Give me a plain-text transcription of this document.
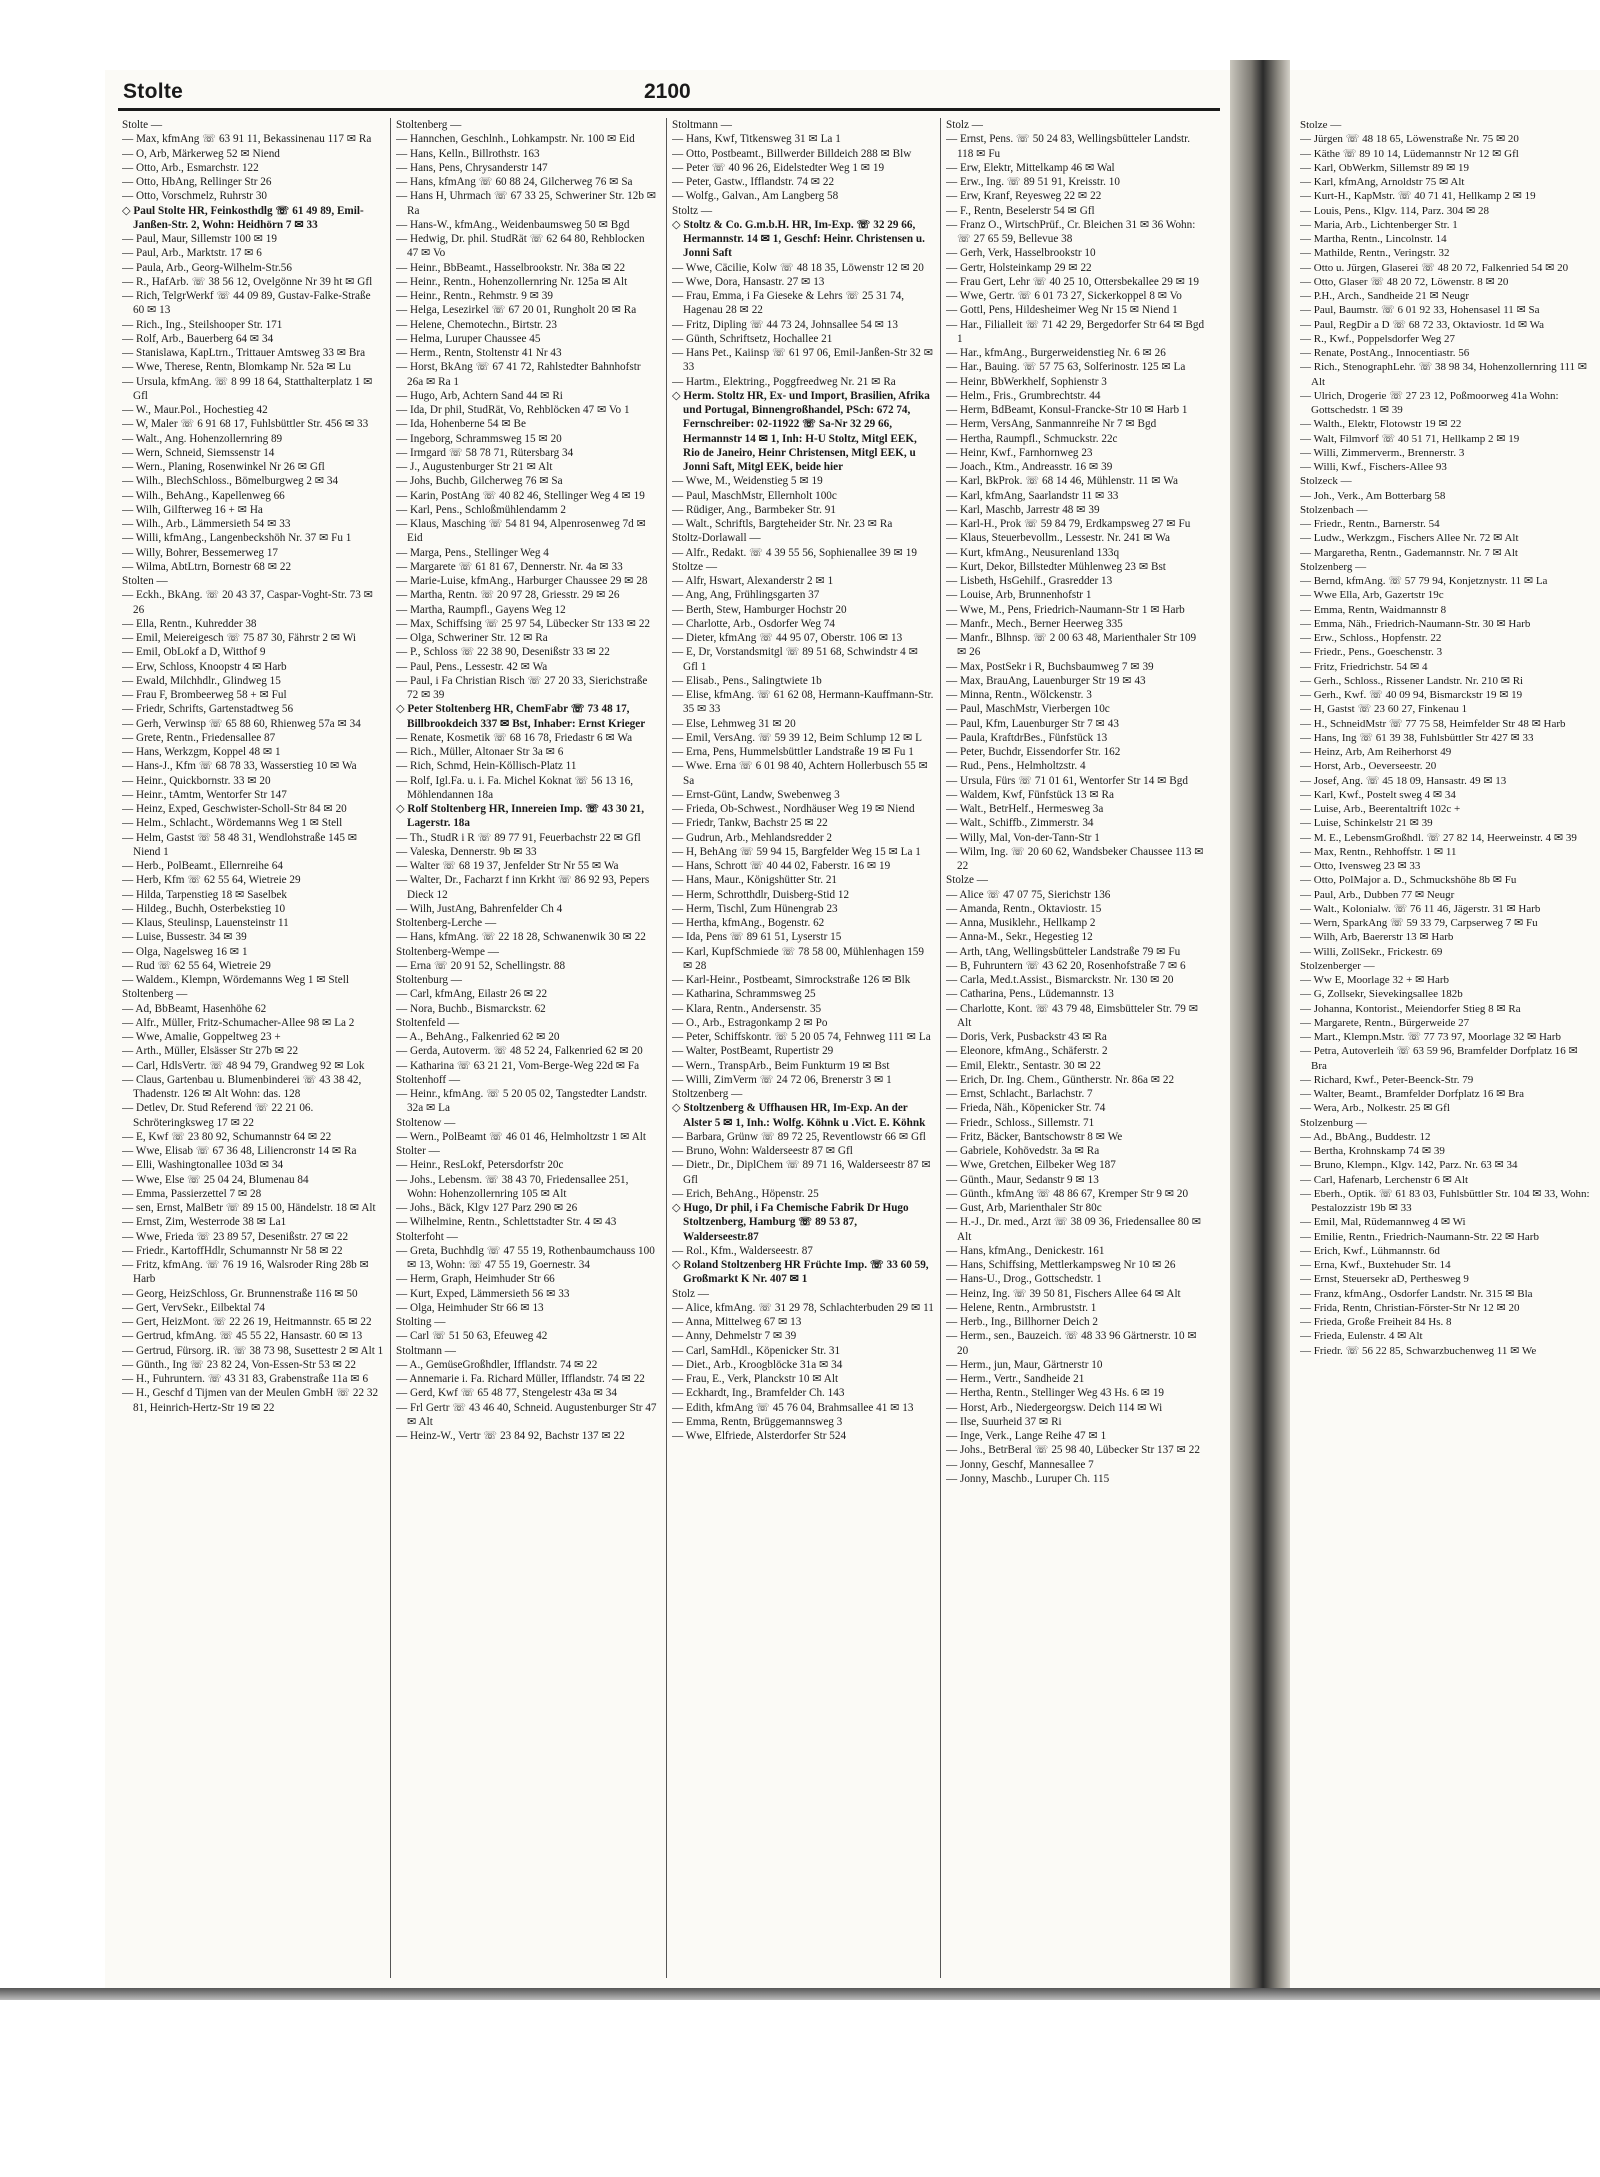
Stolte	2100
Stolte —
— Max, kfmAng ☏ 63 91 11, Bekassinenau 117 ✉ Ra
— O, Arb, Märkerweg 52 ✉ Niend
— Otto, Arb., Esmarchstr. 122
— Otto, HbAng, Rellinger Str 26
— Otto, Vorschmelz, Ruhrstr 30
◇ Paul Stolte HR, Feinkosthdlg ☏ 61 49 89, Emil-Janßen-Str. 2, Wohn: Heidhörn 7 ✉ 33
— Paul, Maur, Sillemstr 100 ✉ 19
— Paul, Arb., Marktstr. 17 ✉ 6
— Paula, Arb., Georg-Wilhelm-Str.56
— R., HafArb. ☏ 38 56 12, Ovelgönne Nr 39 ht ✉ Gfl
— Rich, TelgrWerkf ☏ 44 09 89, Gustav-Falke-Straße 60 ✉ 13
— Rich., Ing., Steilshooper Str. 171
— Rolf, Arb., Bauerberg 64 ✉ 34
— Stanislawa, KapLtrn., Trittauer Amtsweg 33 ✉ Bra
— Wwe, Therese, Rentn, Blomkamp Nr. 52a ✉ Lu
— Ursula, kfmAng. ☏ 8 99 18 64, Statthalterplatz 1 ✉ Gfl
— W., Maur.Pol., Hochestieg 42
— W, Maler ☏ 6 91 68 17, Fuhlsbüttler Str. 456 ✉ 33
— Walt., Ang. Hohenzollernring 89
— Wern, Schneid, Siemssenstr 14
— Wern., Planing, Rosenwinkel Nr 26 ✉ Gfl
— Wilh., BlechSchloss., Bömelburgweg 2 ✉ 34
— Wilh., BehAng., Kapellenweg 66
— Wilh, Gilfterweg 16 + ✉ Ha
— Wilh., Arb., Lämmersieth 54 ✉ 33
— Willi, kfmAng., Langenbeckshöh Nr. 37 ✉ Fu 1
— Willy, Bohrer, Bessemerweg 17
— Wilma, AbtLtrn, Bornestr 68 ✉ 22
Stolten —
— Eckh., BkAng. ☏ 20 43 37, Caspar-Voght-Str. 73 ✉ 26
— Ella, Rentn., Kuhredder 38
— Emil, Meiereigesch ☏ 75 87 30, Fährstr 2 ✉ Wi
— Emil, ObLokf a D, Witthof 9
— Erw, Schloss, Knoopstr 4 ✉ Harb
— Ewald, Milchhdlr., Glindweg 15
— Frau F, Brombeerweg 58 + ✉ Ful
— Friedr, Schrifts, Gartenstadtweg 56
— Gerh, Verwinsp ☏ 65 88 60, Rhienweg 57a ✉ 34
— Grete, Rentn., Friedensallee 87
— Hans, Werkzgm, Koppel 48 ✉ 1
— Hans-J., Kfm ☏ 68 78 33, Wasserstieg 10 ✉ Wa
— Heinr., Quickbornstr. 33 ✉ 20
— Heinr., tAmtm, Wentorfer Str 147
— Heinz, Exped, Geschwister-Scholl-Str 84 ✉ 20
— Helm., Schlacht., Wördemanns Weg 1 ✉ Stell
— Helm, Gastst ☏ 58 48 31, Wendlohstraße 145 ✉ Niend 1
— Herb., PolBeamt., Ellernreihe 64
— Herb, Kfm ☏ 62 55 64, Wietreie 29
— Hilda, Tarpenstieg 18 ✉ Saselbek
— Hildeg., Buchh, Osterbekstieg 10
— Klaus, Steulinsp, Lauensteinstr 11
— Luise, Bussestr. 34 ✉ 39
— Olga, Nagelsweg 16 ✉ 1
— Rud ☏ 62 55 64, Wietreie 29
— Waldem., Klempn, Wördemanns Weg 1 ✉ Stell
Stoltenberg —
— Ad, BbBeamt, Hasenhöhe 62
— Alfr., Müller, Fritz-Schumacher-Allee 98 ✉ La 2
— Wwe, Amalie, Goppeltweg 23 +
— Arth., Müller, Elsässer Str 27b ✉ 22
— Carl, HdlsVertr. ☏ 48 94 79, Grandweg 92 ✉ Lok
— Claus, Gartenbau u. Blumenbinderei ☏ 43 38 42, Thadenstr. 126 ✉ Alt Wohn: das. 128
— Detlev, Dr. Stud Referend ☏ 22 21 06. Schröteringksweg 17 ✉ 22
— E, Kwf ☏ 23 80 92, Schumannstr 64 ✉ 22
— Wwe, Elisab ☏ 67 36 48, Liliencronstr 14 ✉ Ra
— Elli, Washingtonallee 103d ✉ 34
— Wwe, Else ☏ 25 04 24, Blumenau 84
— Emma, Passierzettel 7 ✉ 28
— sen, Ernst, MalBetr ☏ 89 15 00, Händelstr. 18 ✉ Alt
— Ernst, Zim, Westerrode 38 ✉ La1
— Wwe, Frieda ☏ 23 89 57, Desenißstr. 27 ✉ 22
— Friedr., KartoffHdlr, Schumannstr Nr 58 ✉ 22
— Fritz, kfmAng. ☏ 76 19 16, Walsroder Ring 28b ✉ Harb
— Georg, HeizSchloss, Gr. Brunnenstraße 116 ✉ 50
— Gert, VervSekr., Eilbektal 74
— Gert, HeizMont. ☏ 22 26 19, Heitmannstr. 65 ✉ 22
— Gertrud, kfmAng. ☏ 45 55 22, Hansastr. 60 ✉ 13
— Gertrud, Fürsorg. iR. ☏ 38 73 98, Susettestr 2 ✉ Alt 1
— Günth., Ing ☏ 23 82 24, Von-Essen-Str 53 ✉ 22
— H., Fuhruntern. ☏ 43 31 83, Grabenstraße 11a ✉ 6
— H., Geschf d Tijmen van der Meulen GmbH ☏ 22 32 81, Heinrich-Hertz-Str 19 ✉ 22
Stoltenberg —
— Hannchen, Geschlnh., Lohkampstr. Nr. 100 ✉ Eid
— Hans, Kelln., Billrothstr. 163
— Hans, Pens, Chrysanderstr 147
— Hans, kfmAng ☏ 60 88 24, Gilcherweg 76 ✉ Sa
— Hans H, Uhrmach ☏ 67 33 25, Schweriner Str. 12b ✉ Ra
— Hans-W., kfmAng., Weidenbaumsweg 50 ✉ Bgd
— Hedwig, Dr. phil. StudRät ☏ 62 64 80, Rehblocken 47 ✉ Vo
— Heinr., BbBeamt., Hasselbrookstr. Nr. 38a ✉ 22
— Heinr., Rentn., Hohenzollernring Nr. 125a ✉ Alt
— Heinr., Rentn., Rehmstr. 9 ✉ 39
— Helga, Lesezirkel ☏ 67 20 01, Rungholt 20 ✉ Ra
— Helene, Chemotechn., Birtstr. 23
— Helma, Luruper Chaussee 45
— Herm., Rentn, Stoltenstr 41 Nr 43
— Horst, BkAng ☏ 67 41 72, Rahlstedter Bahnhofstr 26a ✉ Ra 1
— Hugo, Arb, Achtern Sand 44 ✉ Ri
— Ida, Dr phil, StudRät, Vo, Rehblöcken 47 ✉ Vo 1
— Ida, Hohenberne 54 ✉ Be
— Ingeborg, Schrammsweg 15 ✉ 20
— Irmgard ☏ 58 78 71, Rütersbarg 34
— J., Augustenburger Str 21 ✉ Alt
— Johs, Buchb, Gilcherweg 76 ✉ Sa
— Karin, PostAng ☏ 40 82 46, Stellinger Weg 4 ✉ 19
— Karl, Pens., Schloßmühlendamm 2
— Klaus, Masching ☏ 54 81 94, Alpenrosenweg 7d ✉ Eid
— Marga, Pens., Stellinger Weg 4
— Margarete ☏ 61 81 67, Dennerstr. Nr. 4a ✉ 33
— Marie-Luise, kfmAng., Harburger Chaussee 29 ✉ 28
— Martha, Rentn. ☏ 20 97 28, Griesstr. 29 ✉ 26
— Martha, Raumpfl., Gayens Weg 12
— Max, Schiffsing ☏ 25 97 54, Lübecker Str 133 ✉ 22
— Olga, Schweriner Str. 12 ✉ Ra
— P., Schloss ☏ 22 38 90, Desenißstr 33 ✉ 22
— Paul, Pens., Lessestr. 42 ✉ Wa
— Paul, i Fa Christian Risch ☏ 27 20 33, Sierichstraße 72 ✉ 39
◇ Peter Stoltenberg HR, ChemFabr ☏ 73 48 17, Billbrookdeich 337 ✉ Bst, Inhaber: Ernst Krieger
— Renate, Kosmetik ☏ 68 16 78, Friedastr 6 ✉ Wa
— Rich., Müller, Altonaer Str 3a ✉ 6
— Rich, Schmd, Hein-Köllisch-Platz 11
— Rolf, Igl.Fa. u. i. Fa. Michel Koknat ☏ 56 13 16, Möhlendannen 18a
◇ Rolf Stoltenberg HR, Innereien Imp. ☏ 43 30 21, Lagerstr. 18a
— Th., StudR i R ☏ 89 77 91, Feuerbachstr 22 ✉ Gfl
— Valeska, Dennerstr. 9b ✉ 33
— Walter ☏ 68 19 37, Jenfelder Str Nr 55 ✉ Wa
— Walter, Dr., Facharzt f inn Krkht ☏ 86 92 93, Pepers Dieck 12
— Wilh, JustAng, Bahrenfelder Ch 4
Stoltenberg-Lerche —
— Hans, kfmAng. ☏ 22 18 28, Schwanenwik 30 ✉ 22
Stoltenberg-Wempe —
— Erna ☏ 20 91 52, Schellingstr. 88
Stoltenburg —
— Carl, kfmAng, Eilastr 26 ✉ 22
— Nora, Buchb., Bismarckstr. 62
Stoltenfeld —
— A., BehAng., Falkenried 62 ✉ 20
— Gerda, Autoverm. ☏ 48 52 24, Falkenried 62 ✉ 20
— Katharina ☏ 63 21 21, Vom-Berge-Weg 22d ✉ Fa
Stoltenhoff —
— Heinr., kfmAng. ☏ 5 20 05 02, Tangstedter Landstr. 32a ✉ La
Stoltenow —
— Wern., PolBeamt ☏ 46 01 46, Helmholtzstr 1 ✉ Alt
Stolter —
— Heinr., ResLokf, Petersdorfstr 20c
— Johs., Lebensm. ☏ 38 43 70, Friedensallee 251, Wohn: Hohenzollernring 105 ✉ Alt
— Johs., Bäck, Klgv 127 Parz 290 ✉ 26
— Wilhelmine, Rentn., Schlettstadter Str. 4 ✉ 43
Stolterfoht —
— Greta, Buchhdlg ☏ 47 55 19, Rothenbaumchauss 100 ✉ 13, Wohn: ☏ 47 55 19, Goernestr. 34
— Herm, Graph, Heimhuder Str 66
— Kurt, Exped, Lämmersieth 56 ✉ 33
— Olga, Heimhuder Str 66 ✉ 13
Stolting —
— Carl ☏ 51 50 63, Efeuweg 42
Stoltmann —
— A., GemüseGroßhdler, Ifflandstr. 74 ✉ 22
— Annemarie i. Fa. Richard Müller, Ifflandstr. 74 ✉ 22
— Gerd, Kwf ☏ 65 48 77, Stengelestr 43a ✉ 34
— Frl Gertr ☏ 43 46 40, Schneid. Augustenburger Str 47 ✉ Alt
— Heinz-W., Vertr ☏ 23 84 92, Bachstr 137 ✉ 22
Stoltmann —
— Hans, Kwf, Titkensweg 31 ✉ La 1
— Otto, Postbeamt., Billwerder Billdeich 288 ✉ Blw
— Peter ☏ 40 96 26, Eidelstedter Weg 1 ✉ 19
— Peter, Gastw., Ifflandstr. 74 ✉ 22
— Wolfg., Galvan., Am Langberg 58
Stoltz —
◇ Stoltz & Co. G.m.b.H. HR, Im-Exp. ☏ 32 29 66, Hermannstr. 14 ✉ 1, Geschf: Heinr. Christensen u. Jonni Saft
— Wwe, Cäcilie, Kolw ☏ 48 18 35, Löwenstr 12 ✉ 20
— Wwe, Dora, Hansastr. 27 ✉ 13
— Frau, Emma, i Fa Gieseke & Lehrs ☏ 25 31 74, Hagenau 28 ✉ 22
— Fritz, Dipling ☏ 44 73 24, Johnsallee 54 ✉ 13
— Günth, Schriftsetz, Hochallee 21
— Hans Pet., Kaiinsp ☏ 61 97 06, Emil-Janßen-Str 32 ✉ 33
— Hartm., Elektring., Poggfreedweg Nr. 21 ✉ Ra
◇ Herm. Stoltz HR, Ex- und Import, Brasilien, Afrika und Portugal, Binnengroßhandel, PSch: 672 74, Fernschreiber: 02-11922 ☏ Sa-Nr 32 29 66, Hermannstr 14 ✉ 1, Inh: H-U Stoltz, Mitgl EEK, Rio de Janeiro, Heinr Christensen, Mitgl EEK, u Jonni Saft, Mitgl EEK, beide hier
— Wwe, M., Weidenstieg 5 ✉ 19
— Paul, MaschMstr, Ellernholt 100c
— Rüdiger, Ang., Barmbeker Str. 91
— Walt., Schriftls, Bargteheider Str. Nr. 23 ✉ Ra
Stoltz-Dorlawall —
— Alfr., Redakt. ☏ 4 39 55 56, Sophienallee 39 ✉ 19
Stoltze —
— Alfr, Hswart, Alexanderstr 2 ✉ 1
— Ang, Ang, Frühlingsgarten 37
— Berth, Stew, Hamburger Hochstr 20
— Charlotte, Arb., Osdorfer Weg 74
— Dieter, kfmAng ☏ 44 95 07, Oberstr. 106 ✉ 13
— E, Dr, Vorstandsmitgl ☏ 89 51 68, Schwindstr 4 ✉ Gfl 1
— Elisab., Pens., Salingtwiete 1b
— Elise, kfmAng. ☏ 61 62 08, Hermann-Kauffmann-Str. 35 ✉ 33
— Else, Lehmweg 31 ✉ 20
— Emil, VersAng. ☏ 59 39 12, Beim Schlump 12 ✉ L
— Erna, Pens, Hummelsbüttler Landstraße 19 ✉ Fu 1
— Wwe. Erna ☏ 6 01 98 40, Achtern Hollerbusch 55 ✉ Sa
— Ernst-Günt, Landw, Swebenweg 3
— Frieda, Ob-Schwest., Nordhäuser Weg 19 ✉ Niend
— Friedr, Tankw, Bachstr 25 ✉ 22
— Gudrun, Arb., Mehlandsredder 2
— H, BehAng ☏ 59 94 15, Bargfelder Weg 15 ✉ La 1
— Hans, Schrott ☏ 40 44 02, Faberstr. 16 ✉ 19
— Hans, Maur., Königshütter Str. 21
— Herm, Schrotthdlr, Duisberg-Stid 12
— Herm, Tischl, Zum Hünengrab 23
— Hertha, kfmAng., Bogenstr. 62
— Ida, Pens ☏ 89 61 51, Lyserstr 15
— Karl, KupfSchmiede ☏ 78 58 00, Mühlenhagen 159 ✉ 28
— Karl-Heinr., Postbeamt, Simrockstraße 126 ✉ Blk
— Katharina, Schrammsweg 25
— Klara, Rentn., Andersenstr. 35
— O., Arb., Estragonkamp 2 ✉ Po
— Peter, Schiffskontr. ☏ 5 20 05 74, Fehnweg 111 ✉ La
— Walter, PostBeamt, Rupertistr 29
— Wern., TranspArb., Beim Funkturm 19 ✉ Bst
— Willi, ZimVerm ☏ 24 72 06, Brenerstr 3 ✉ 1
Stoltzenberg —
◇ Stoltzenberg & Uffhausen HR, Im-Exp. An der Alster 5 ✉ 1, Inh.: Wolfg. Köhnk u .Vict. E. Köhnk
— Barbara, Grünw ☏ 89 72 25, Reventlowstr 66 ✉ Gfl
— Bruno, Wohn: Walderseestr 87 ✉ Gfl
— Dietr., Dr., DiplChem ☏ 89 71 16, Walderseestr 87 ✉ Gfl
— Erich, BehAng., Höpenstr. 25
◇ Hugo, Dr phil, i Fa Chemische Fabrik Dr Hugo Stoltzenberg, Hamburg ☏ 89 53 87, Walderseestr.87
— Rol., Kfm., Walderseestr. 87
◇ Roland Stoltzenberg HR Früchte Imp. ☏ 33 60 59, Großmarkt K Nr. 407 ✉ 1
Stolz —
— Alice, kfmAng. ☏ 31 29 78, Schlachterbuden 29 ✉ 11
— Anna, Mittelweg 67 ✉ 13
— Anny, Dehmelstr 7 ✉ 39
— Carl, SamHdl., Köpenicker Str. 31
— Diet., Arb., Kroogblöcke 31a ✉ 34
— Frau, E., Verk, Planckstr 10 ✉ Alt
— Eckhardt, Ing., Bramfelder Ch. 143
— Edith, kfmAng ☏ 45 76 04, Brahmsallee 41 ✉ 13
— Emma, Rentn, Brüggemannsweg 3
— Wwe, Elfriede, Alsterdorfer Str 524
Stolz —
— Ernst, Pens. ☏ 50 24 83, Wellingsbütteler Landstr. 118 ✉ Fu
— Erw, Elektr, Mittelkamp 46 ✉ Wal
— Erw., Ing. ☏ 89 51 91, Kreisstr. 10
— Erw, Kranf, Reyesweg 22 ✉ 22
— F., Rentn, Beselerstr 54 ✉ Gfl
— Franz O., WirtschPrüf., Cr. Bleichen 31 ✉ 36 Wohn: ☏ 27 65 59, Bellevue 38
— Gerh, Verk, Hasselbrookstr 10
— Gertr, Holsteinkamp 29 ✉ 22
— Frau Gert, Lehr ☏ 40 25 10, Ottersbekallee 29 ✉ 19
— Wwe, Gertr. ☏ 6 01 73 27, Sickerkoppel 8 ✉ Vo
— Gottl, Pens, Hildesheimer Weg Nr 15 ✉ Niend 1
— Har., Filialleit ☏ 71 42 29, Bergedorfer Str 64 ✉ Bgd 1
— Har., kfmAng., Burgerweidenstieg Nr. 6 ✉ 26
— Har., Bauing. ☏ 57 75 63, Solferinostr. 125 ✉ La
— Heinr, BbWerkhelf, Sophienstr 3
— Helm., Fris., Grumbrechtstr. 44
— Herm, BdBeamt, Konsul-Francke-Str 10 ✉ Harb 1
— Herm, VersAng, Sanmannreihe Nr 7 ✉ Bgd
— Hertha, Raumpfl., Schmuckstr. 22c
— Heinr, Kwf., Farnhornweg 23
— Joach., Ktm., Andreasstr. 16 ✉ 39
— Karl, BkProk. ☏ 68 14 46, Mühlenstr. 11 ✉ Wa
— Karl, kfmAng, Saarlandstr 11 ✉ 33
— Karl, Maschb, Jarrestr 48 ✉ 39
— Karl-H., Prok ☏ 59 84 79, Erdkampsweg 27 ✉ Fu
— Klaus, Steuerbevollm., Lessestr. Nr. 241 ✉ Wa
— Kurt, kfmAng., Neusurenland 133q
— Kurt, Dekor, Billstedter Mühlenweg 23 ✉ Bst
— Lisbeth, HsGehilf., Grasredder 13
— Louise, Arb, Brunnenhofstr 1
— Wwe, M., Pens, Friedrich-Naumann-Str 1 ✉ Harb
— Manfr., Mech., Berner Heerweg 335
— Manfr., Blhnsp. ☏ 2 00 63 48, Marienthaler Str 109 ✉ 26
— Max, PostSekr i R, Buchsbaumweg 7 ✉ 39
— Max, BrauAng, Lauenburger Str 19 ✉ 43
— Minna, Rentn., Wölckenstr. 3
— Paul, MaschMstr, Vierbergen 10c
— Paul, Kfm, Lauenburger Str 7 ✉ 43
— Paula, KraftdrBes., Fünfstück 13
— Peter, Buchdr, Eissendorfer Str. 162
— Rud., Pens., Helmholtzstr. 4
— Ursula, Fürs ☏ 71 01 61, Wentorfer Str 14 ✉ Bgd
— Waldem, Kwf, Fünfstück 13 ✉ Ra
— Walt., BetrHelf., Hermesweg 3a
— Walt., Schiffb., Zimmerstr. 34
— Willy, Mal, Von-der-Tann-Str 1
— Wilm, Ing. ☏ 20 60 62, Wandsbeker Chaussee 113 ✉ 22
Stolze —
— Alice ☏ 47 07 75, Sierichstr 136
— Amanda, Rentn., Oktaviostr. 15
— Anna, Musiklehr., Hellkamp 2
— Anna-M., Sekr., Hegestieg 12
— Arth, tAng, Wellingsbütteler Landstraße 79 ✉ Fu
— B, Fuhruntern ☏ 43 62 20, Rosenhofstraße 7 ✉ 6
— Carla, Med.t.Assist., Bismarckstr. Nr. 130 ✉ 20
— Catharina, Pens., Lüdemannstr. 13
— Charlotte, Kont. ☏ 43 79 48, Eimsbütteler Str. 79 ✉ Alt
— Doris, Verk, Pusbackstr 43 ✉ Ra
— Eleonore, kfmAng., Schäferstr. 2
— Emil, Elektr., Sentastr. 30 ✉ 22
— Erich, Dr. Ing. Chem., Güntherstr. Nr. 86a ✉ 22
— Ernst, Schlacht., Barlachstr. 7
— Frieda, Näh., Köpenicker Str. 74
— Friedr., Schloss., Sillemstr. 71
— Fritz, Bäcker, Bantschowstr 8 ✉ We
— Gabriele, Kohövedstr. 3a ✉ Ra
— Wwe, Gretchen, Eilbeker Weg 187
— Günth., Maur, Sedanstr 9 ✉ 13
— Günth., kfmAng ☏ 48 86 67, Kremper Str 9 ✉ 20
— Gust, Arb, Marienthaler Str 80c
— H.-J., Dr. med., Arzt ☏ 38 09 36, Friedensallee 80 ✉ Alt
— Hans, kfmAng., Denickestr. 161
— Hans, Schiffsing, Mettlerkampsweg Nr 10 ✉ 26
— Hans-U., Drog., Gottschedstr. 1
— Heinz, Ing. ☏ 39 50 81, Fischers Allee 64 ✉ Alt
— Helene, Rentn., Armbruststr. 1
— Herb., Ing., Billhorner Deich 2
— Herm., sen., Bauzeich. ☏ 48 33 96 Gärtnerstr. 10 ✉ 20
— Herm., jun, Maur, Gärtnerstr 10
— Herm., Vertr., Sandheide 21
— Hertha, Rentn., Stellinger Weg 43 Hs. 6 ✉ 19
— Horst, Arb., Niedergeorgsw. Deich 114 ✉ Wi
— Ilse, Suurheid 37 ✉ Ri
— Inge, Verk., Lange Reihe 47 ✉ 1
— Johs., BetrBeral ☏ 25 98 40, Lübecker Str 137 ✉ 22
— Jonny, Geschf, Mannesallee 7
— Jonny, Maschb., Luruper Ch. 115
Stolze —
— Jürgen ☏ 48 18 65, Löwenstraße Nr. 75 ✉ 20
— Käthe ☏ 89 10 14, Lüdemannstr Nr 12 ✉ Gfl
— Karl, ObWerkm, Sillemstr 89 ✉ 19
— Karl, kfmAng, Arnoldstr 75 ✉ Alt
— Kurt-H., KapMstr. ☏ 40 71 41, Hellkamp 2 ✉ 19
— Louis, Pens., Klgv. 114, Parz. 304 ✉ 28
— Maria, Arb., Lichtenberger Str. 1
— Martha, Rentn., Lincolnstr. 14
— Mathilde, Rentn., Veringstr. 32
— Otto u. Jürgen, Glaserei ☏ 48 20 72, Falkenried 54 ✉ 20
— Otto, Glaser ☏ 48 20 72, Löwenstr. 8 ✉ 20
— P.H., Arch., Sandheide 21 ✉ Neugr
— Paul, Baumstr. ☏ 6 01 92 33, Hohensasel 11 ✉ Sa
— Paul, RegDir a D ☏ 68 72 33, Oktaviostr. 1d ✉ Wa
— R., Kwf., Poppelsdorfer Weg 27
— Renate, PostAng., Innocentiastr. 56
— Rich., StenographLehr. ☏ 38 98 34, Hohenzollernring 111 ✉ Alt
— Ulrich, Drogerie ☏ 27 23 12, Poßmoorweg 41a Wohn: Gottschedstr. 1 ✉ 39
— Walth., Elektr, Flotowstr 19 ✉ 22
— Walt, Filmvorf ☏ 40 51 71, Hellkamp 2 ✉ 19
— Willi, Zimmerverm., Brennerstr. 3
— Willi, Kwf., Fischers-Allee 93
Stolzeck —
— Joh., Verk., Am Botterbarg 58
Stolzenbach —
— Friedr., Rentn., Barnerstr. 54
— Ludw., Werkzgm., Fischers Allee Nr. 72 ✉ Alt
— Margaretha, Rentn., Gademannstr. Nr. 7 ✉ Alt
Stolzenberg —
— Bernd, kfmAng. ☏ 57 79 94, Konjetznystr. 11 ✉ La
— Wwe Ella, Arb, Gazertstr 19c
— Emma, Rentn, Waidmannstr 8
— Emma, Näh., Friedrich-Naumann-Str. 30 ✉ Harb
— Erw., Schloss., Hopfenstr. 22
— Friedr., Pens., Goeschenstr. 3
— Fritz, Friedrichstr. 54 ✉ 4
— Gerh., Schloss., Rissener Landstr. Nr. 210 ✉ Ri
— Gerh., Kwf. ☏ 40 09 94, Bismarckstr 19 ✉ 19
— H, Gastst ☏ 23 60 27, Finkenau 1
— H., SchneidMstr ☏ 77 75 58, Heimfelder Str 48 ✉ Harb
— Hans, Ing ☏ 61 39 38, Fuhlsbüttler Str 427 ✉ 33
— Heinz, Arb, Am Reiherhorst 49
— Horst, Arb., Oeverseestr. 20
— Josef, Ang. ☏ 45 18 09, Hansastr. 49 ✉ 13
— Karl, Kwf., Postelt sweg 4 ✉ 34
— Luise, Arb., Beerentaltrift 102c +
— Luise, Schinkelstr 21 ✉ 39
— M. E., LebensmGroßhdl. ☏ 27 82 14, Heerweinstr. 4 ✉ 39
— Max, Rentn., Rehhoffstr. 1 ✉ 11
— Otto, Ivensweg 23 ✉ 33
— Otto, PolMajor a. D., Schmuckshöhe 8b ✉ Fu
— Paul, Arb., Dubben 77 ✉ Neugr
— Walt., Kolonialw. ☏ 76 11 46, Jägerstr. 31 ✉ Harb
— Wern, SparkAng ☏ 59 33 79, Carpserweg 7 ✉ Fu
— Wilh, Arb, Baererstr 13 ✉ Harb
— Willi, ZollSekr., Frickestr. 69
Stolzenberger —
— Ww E, Moorlage 32 + ✉ Harb
— G, Zollsekr, Sievekingsallee 182b
— Johanna, Kontorist., Meiendorfer Stieg 8 ✉ Ra
— Margarete, Rentn., Bürgerweide 27
— Mart., Klempn.Mstr. ☏ 77 73 97, Moorlage 32 ✉ Harb
— Petra, Autoverleih ☏ 63 59 96, Bramfelder Dorfplatz 16 ✉ Bra
— Richard, Kwf., Peter-Beenck-Str. 79
— Walter, Beamt., Bramfelder Dorfplatz 16 ✉ Bra
— Wera, Arb., Nolkestr. 25 ✉ Gfl
Stolzenburg —
— Ad., BbAng., Buddestr. 12
— Bertha, Krohnskamp 74 ✉ 39
— Bruno, Klempn., Klgv. 142, Parz. Nr. 63 ✉ 34
— Carl, Hafenarb, Lerchenstr 6 ✉ Alt
— Eberh., Optik. ☏ 61 83 03, Fuhlsbüttler Str. 104 ✉ 33, Wohn: Pestalozzistr 19b ✉ 33
— Emil, Mal, Rüdemannweg 4 ✉ Wi
— Emilie, Rentn., Friedrich-Naumann-Str. 22 ✉ Harb
— Erich, Kwf., Lühmannstr. 6d
— Erna, Kwf., Buxtehuder Str. 14
— Ernst, Steuersekr aD, Perthesweg 9
— Franz, kfmAng., Osdorfer Landstr. Nr. 315 ✉ Bla
— Frida, Rentn, Christian-Förster-Str Nr 12 ✉ 20
— Frieda, Große Freiheit 84 Hs. 8
— Frieda, Eulenstr. 4 ✉ Alt
— Friedr. ☏ 56 22 85, Schwarzbuchenweg 11 ✉ We
